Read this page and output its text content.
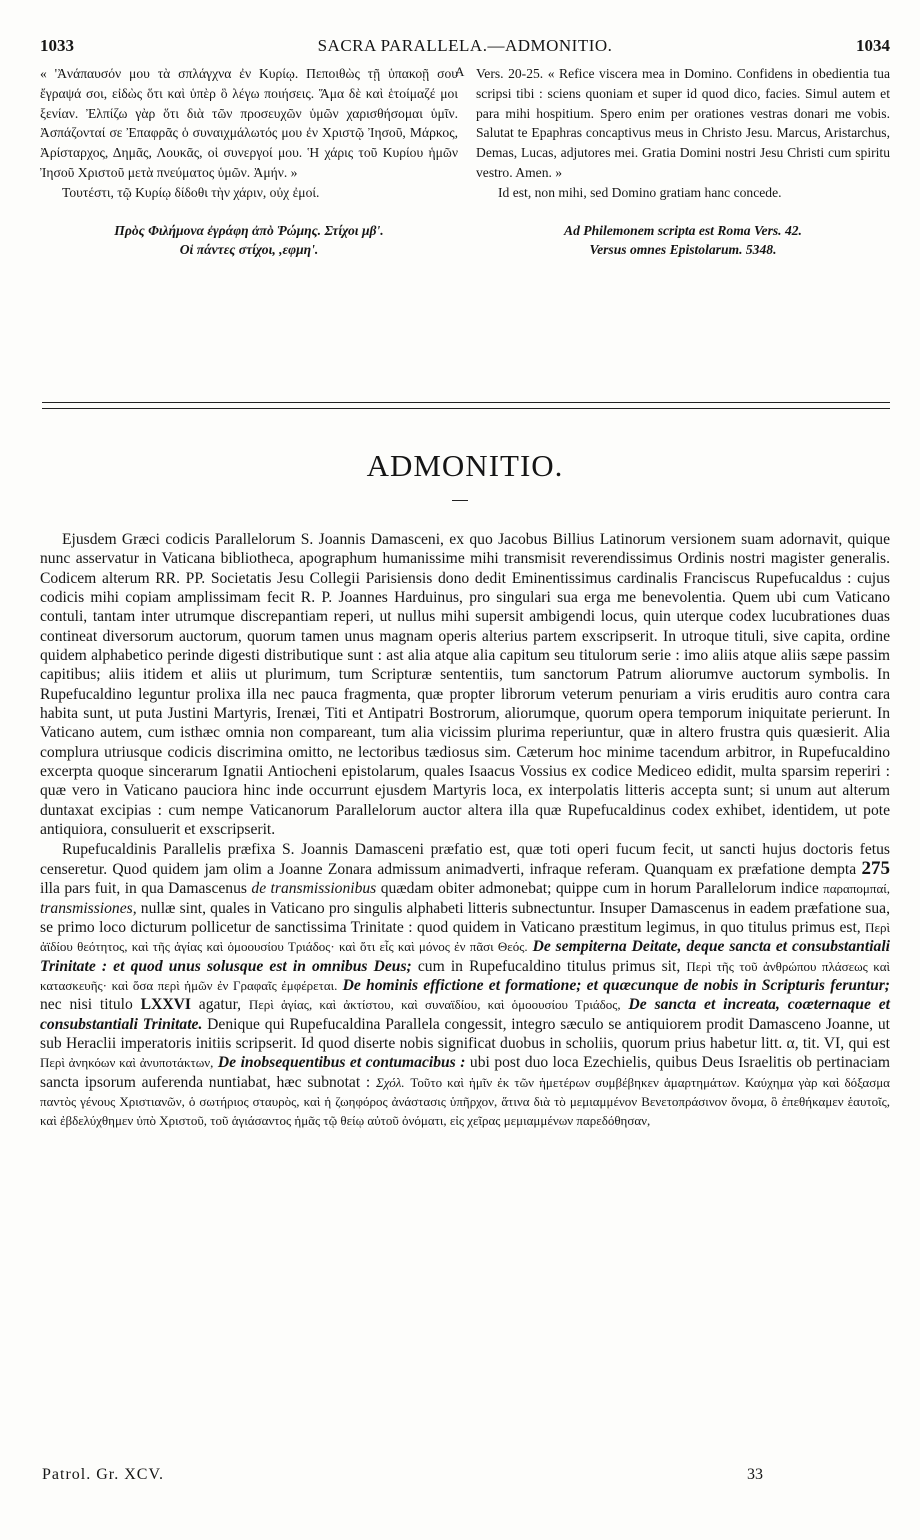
1033	SACRA PARALLELA.—ADMONITIO.	1034

« 'Ἀνάπαυσόν μου τὰ σπλάγχνα ἐν Κυρίῳ. Πεποιθὼς τῇ ὑπακοῇ σου ἔγραψά σοι, εἰδὼς ὅτι καὶ ὑπὲρ ὃ λέγω ποιήσεις. Ἅμα δὲ καὶ ἑτοίμαζέ μοι ξενίαν. Ἐλπίζω γὰρ ὅτι διὰ τῶν προσευχῶν ὑμῶν χαρισθήσομαι ὑμῖν. Ἀσπάζονταί σε Ἐπαφρᾶς ὁ συναιχμάλωτός μου ἐν Χριστῷ Ἰησοῦ, Μάρκος, Ἀρίσταρχος, Δημᾶς, Λουκᾶς, οἱ συνεργοί μου. Ἡ χάρις τοῦ Κυρίου ἡμῶν Ἰησοῦ Χριστοῦ μετὰ πνεύματος ὑμῶν. Ἀμήν. »

Τουτέστι, τῷ Κυρίῳ δίδοθι τὴν χάριν, οὐχ ἐμοί.

Πρὸς Φιλήμονα ἐγράφη ἀπὸ Ῥώμης. Στίχοι μβ'.

Οἱ πάντες στίχοι, ,εφμη'.

A Vers. 20-25. « Refice viscera mea in Domino. Confidens in obedientia tua scripsi tibi : sciens quoniam et super id quod dico, facies. Simul autem et para mihi hospitium. Spero enim per orationes vestras donari me vobis. Salutat te Epaphras concaptivus meus in Christo Jesu. Marcus, Aristarchus, Demas, Lucas, adjutores mei. Gratia Domini nostri Jesu Christi cum spiritu vestro. Amen. »

Id est, non mihi, sed Domino gratiam hanc concede.

Ad Philemonem scripta est Roma Vers. 42.

Versus omnes Epistolarum. 5348.

ADMONITIO.

Ejusdem Græci codicis Parallelorum S. Joannis Damasceni, ex quo Jacobus Billius Latinorum versionem suam adornavit, quique nunc asservatur in Vaticana bibliotheca, apographum humanissime mihi transmisit reverendissimus Ordinis nostri magister generalis. Codicem alterum RR. PP. Societatis Jesu Collegii Parisiensis dono dedit Eminentissimus cardinalis Franciscus Rupefucaldus : cujus codicis mihi copiam amplissimam fecit R. P. Joannes Harduinus, pro singulari sua erga me benevolentia. Quem ubi cum Vaticano contuli, tantam inter utrumque discrepantiam reperi, ut nullus mihi supersit ambigendi locus, quin uterque codex lucubrationes duas contineat diversorum auctorum, quorum tamen unus magnam operis alterius partem exscripserit. In utroque tituli, sive capita, ordine quidem alphabetico perinde digesti distributique sunt : ast alia atque alia capitum seu titulorum serie : imo aliis atque aliis sæpe passim capitibus; aliis itidem et aliis ut plurimum, tum Scripturæ sententiis, tum sanctorum Patrum aliorumve auctorum symbolis. In Rupefucaldino leguntur prolixa illa nec pauca fragmenta, quæ propter librorum veterum penuriam a viris eruditis auro contra cara habita sunt, ut puta Justini Martyris, Irenæi, Titi et Antipatri Bostrorum, aliorumque, quorum opera temporum iniquitate perierunt. In Vaticano autem, cum isthæc omnia non compareant, tum alia vicissim plurima reperiuntur, quæ in altero frustra quis quæsierit. Alia complura utriusque codicis discrimina omitto, ne lectoribus tædiosus sim. Cæterum hoc minime tacendum arbitror, in Rupefucaldino excerpta quoque sincerarum Ignatii Antiocheni epistolarum, quales Isaacus Vossius ex codice Mediceo edidit, multa sparsim reperiri : quæ vero in Vaticano pauciora hinc inde occurrunt ejusdem Martyris loca, ex interpolatis litteris accepta sunt; si unum aut alterum duntaxat excipias : cum nempe Vaticanorum Parallelorum auctor altera illa quæ Rupefucaldinus codex exhibet, identidem, ut pote antiquiora, consuluerit et exscripserit.

Rupefucaldinis Parallelis præfixa S. Joannis Damasceni præfatio est, quæ toti operi fucum fecit, ut sancti hujus doctoris fetus censeretur. Quod quidem jam olim a Joanne Zonara admissum animadverti, infraque referam. Quanquam ex præfatione dempta 275 illa pars fuit, in qua Damascenus de transmissionibus quædam obiter admonebat; quippe cum in horum Parallelorum indice παραπομπαί, transmissiones, nullæ sint, quales in Vaticano pro singulis alphabeti litteris subnectuntur. Insuper Damascenus in eadem præfatione sua, se primo loco dicturum pollicetur de sanctissima Trinitate : quod quidem in Vaticano præstitum legimus, in quo titulus primus est, Περὶ ἀϊδίου θεότητος, καὶ τῆς ἁγίας καὶ ὁμοουσίου Τριάδος· καὶ ὅτι εἷς καὶ μόνος ἐν πᾶσι Θεός. De sempiterna Deitate, deque sancta et consubstantiali Trinitate : et quod unus solusque est in omnibus Deus; cum in Rupefucaldino titulus primus sit, Περὶ τῆς τοῦ ἀνθρώπου πλάσεως καὶ κατασκευῆς· καὶ ὅσα περὶ ἡμῶν ἐν Γραφαῖς ἐμφέρεται. De hominis effictione et formatione; et quæcunque de nobis in Scripturis feruntur; nec nisi titulo LXXVI agatur, Περὶ ἁγίας, καὶ ἀκτίστου, καὶ συναϊδίου, καὶ ὁμοουσίου Τριάδος, De sancta et increata, coæternaque et consubstantiali Trinitate. Denique qui Rupefucaldina Parallela congessit, integro sæculo se antiquiorem prodit Damasceno Joanne, ut sub Heraclii imperatoris initiis scripserit. Id quod diserte nobis significat duobus in scholiis, quorum prius habetur litt. α, tit. VI, qui est Περὶ ἀνηκόων καὶ ἀνυποτάκτων, De inobsequentibus et contumacibus : ubi post duo loca Ezechielis, quibus Deus Israelitis ob pertinaciam sancta ipsorum auferenda nuntiabat, hæc subnotat : Σχόλ. Τοῦτο καὶ ἡμῖν ἐκ τῶν ἡμετέρων συμβέβηκεν ἁμαρτημάτων. Καύχημα γὰρ καὶ δόξασμα παντὸς γένους Χριστιανῶν, ὁ σωτήριος σταυρὸς, καὶ ἡ ζωηφόρος ἀνάστασις ὑπῆρχον, ἅτινα διὰ τὸ μεμιαμμένον Βενετοπράσινον ὄνομα, ὃ ἐπεθήκαμεν ἑαυτοῖς, καὶ ἐβδελύχθημεν ὑπὸ Χριστοῦ, τοῦ ἁγιάσαντος ἡμᾶς τῷ θείῳ αὐτοῦ ὀνόματι, εἰς χεῖρας μεμιαμμένων παρεδόθησαν,

Patrol. Gr. XCV.	33
